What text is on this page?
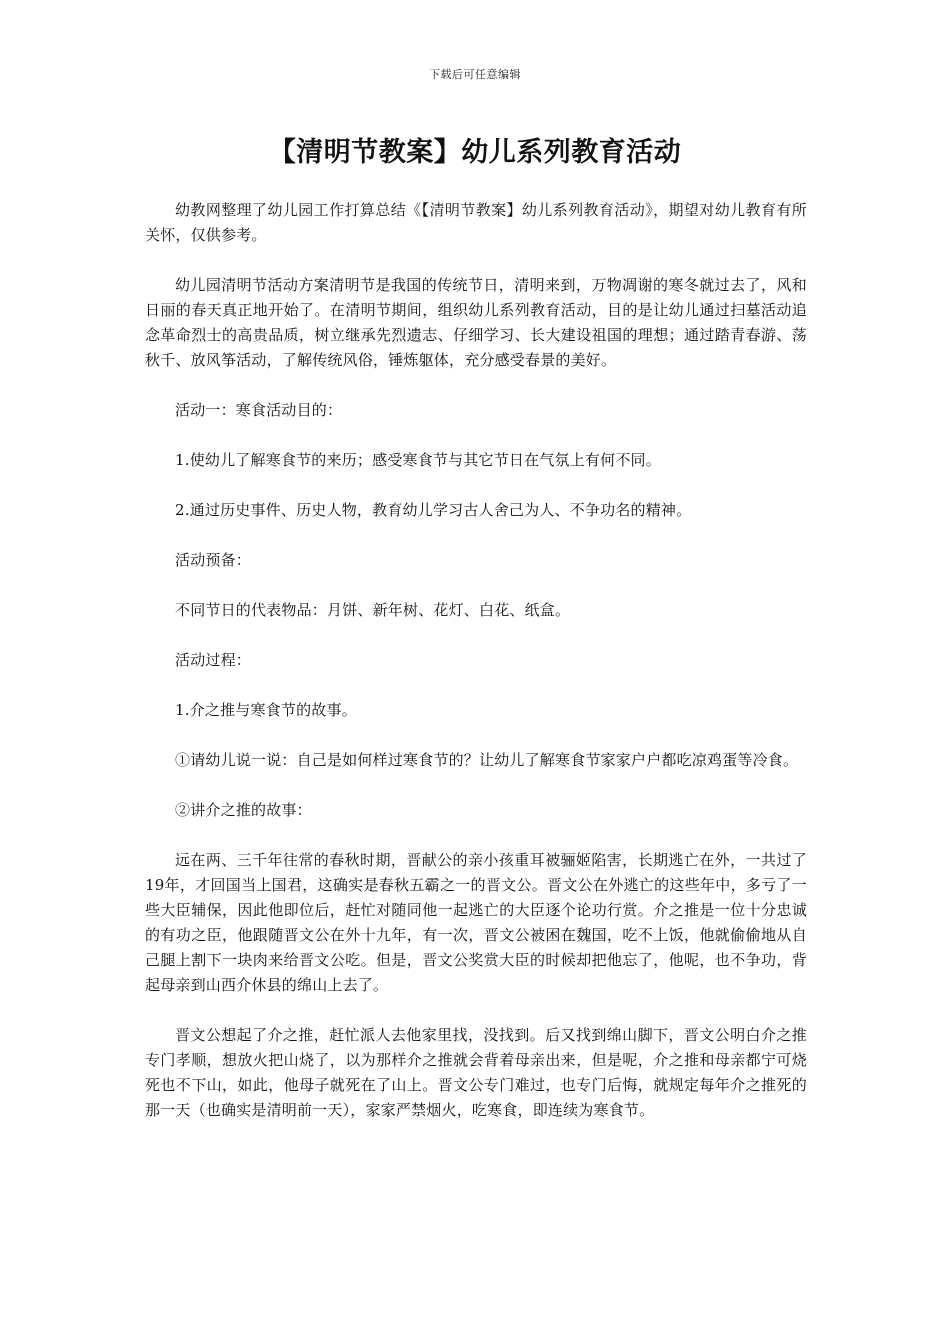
下载后可任意编辑
【清明节教案】幼儿系列教育活动

幼教网整理了幼儿园工作打算总结《【清明节教案】幼儿系列教育活动》，期望对幼儿教育有所关怀，仅供参考。

幼儿园清明节活动方案清明节是我国的传统节日，清明来到，万物凋谢的寒冬就过去了，风和日丽的春天真正地开始了。在清明节期间，组织幼儿系列教育活动，目的是让幼儿通过扫墓活动追念革命烈士的高贵品质，树立继承先烈遗志、仔细学习、长大建设祖国的理想；通过踏青春游、荡秋千、放风筝活动，了解传统风俗，锤炼躯体，充分感受春景的美好。

活动一：寒食活动目的：

1.使幼儿了解寒食节的来历；感受寒食节与其它节日在气氛上有何不同。

2.通过历史事件、历史人物，教育幼儿学习古人舍己为人、不争功名的精神。

活动预备：

不同节日的代表物品：月饼、新年树、花灯、白花、纸盒。

活动过程：

1.介之推与寒食节的故事。

①请幼儿说一说：自己是如何样过寒食节的？让幼儿了解寒食节家家户户都吃凉鸡蛋等冷食。

②讲介之推的故事：

远在两、三千年往常的春秋时期，晋献公的亲小孩重耳被骊姬陷害，长期逃亡在外，一共过了19年，才回国当上国君，这确实是春秋五霸之一的晋文公。晋文公在外逃亡的这些年中，多亏了一些大臣辅保，因此他即位后，赶忙对随同他一起逃亡的大臣逐个论功行赏。介之推是一位十分忠诚的有功之臣，他跟随晋文公在外十九年，有一次，晋文公被困在魏国，吃不上饭，他就偷偷地从自己腿上割下一块肉来给晋文公吃。但是，晋文公奖赏大臣的时候却把他忘了，他呢，也不争功，背起母亲到山西介休县的绵山上去了。

晋文公想起了介之推，赶忙派人去他家里找，没找到。后又找到绵山脚下，晋文公明白介之推专门孝顺，想放火把山烧了，以为那样介之推就会背着母亲出来，但是呢，介之推和母亲都宁可烧死也不下山，如此，他母子就死在了山上。晋文公专门难过，也专门后悔，就规定每年介之推死的那一天（也确实是清明前一天），家家严禁烟火，吃寒食，即连续为寒食节。
